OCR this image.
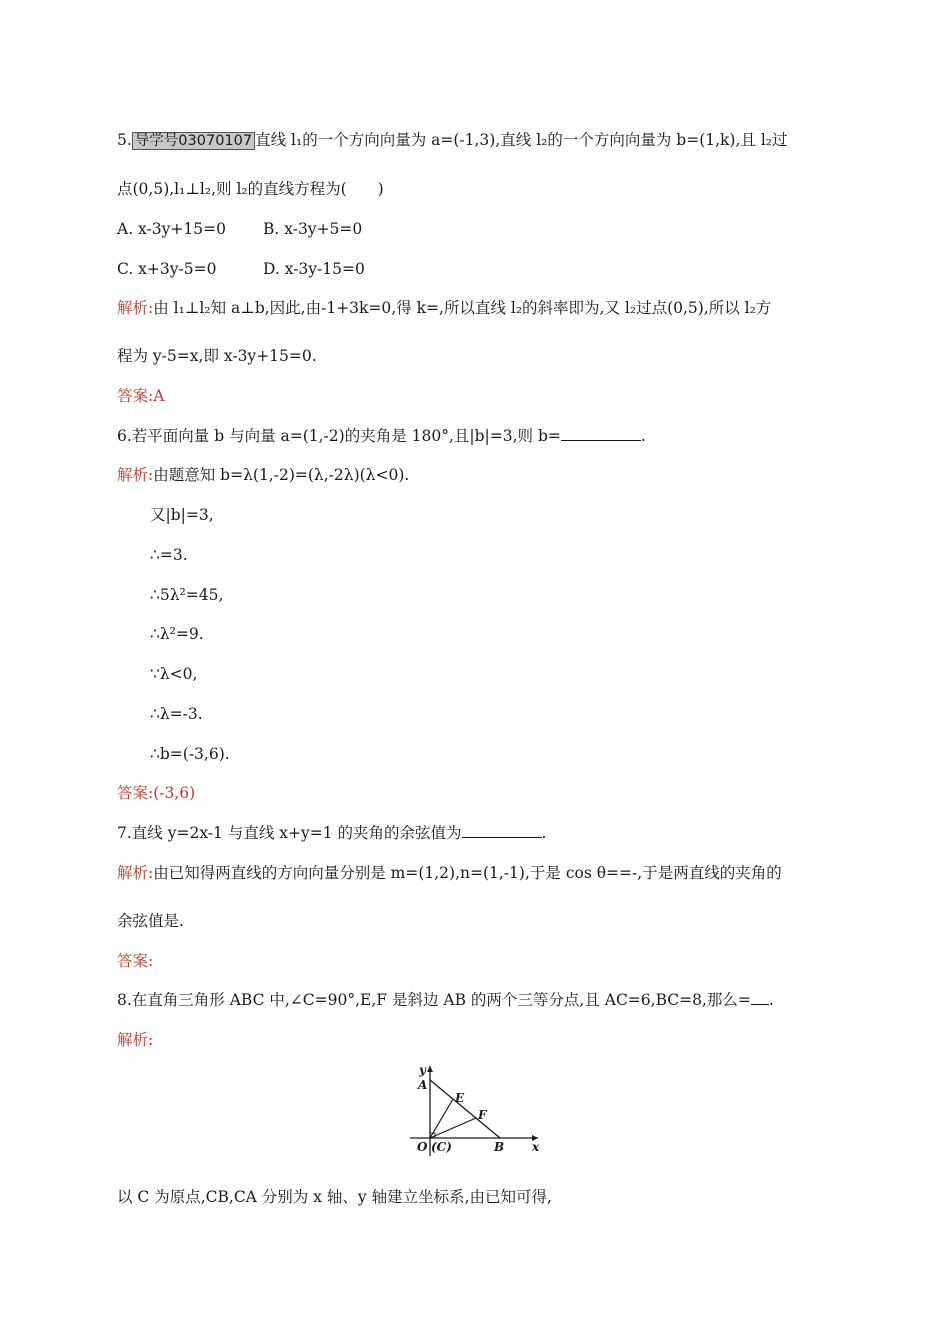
5. 导学号03070107 直线 l₁的一个方向向量为 a=(-1,3),直线 l₂的一个方向向量为 b=(1,k),且 l₂过
点(0,5),l₁⊥l₂,则 l₂的直线方程为(　　)
A. x-3y+15=0 B. x-3y+5=0
C. x+3y-5=0	D. x-3y-15=0
解析:由 l₁⊥l₂知 a⊥b,因此,由-1+3k=0,得 k=,所以直线 l₂的斜率即为,又 l₂过点(0,5),所以 l₂方
程为 y-5=x,即 x-3y+15=0.
答案:A
6.若平面向量 b 与向量 a=(1,-2)的夹角是 180°,且|b|=3,则 b=	.
解析:由题意知 b=λ(1,-2)=(λ,-2λ)(λ<0).
又|b|=3,
∴=3.
∴5λ²=45,
∴λ²=9.
∵λ<0,
∴λ=-3.
∴b=(-3,6).
答案:(-3,6)
7.直线 y=2x-1 与直线 x+y=1 的夹角的余弦值为	.
解析:由已知得两直线的方向向量分别是 m=(1,2),n=(1,-1),于是 cos θ==-,于是两直线的夹角的
余弦值是.
答案:
8.在直角三角形 ABC 中,∠C=90°,E,F 是斜边 AB 的两个三等分点,且 AC=6,BC=8,那么= .
解析:
y
x
A
E
F
O (C)	B
以 C 为原点,CB,CA 分别为 x 轴、y 轴建立坐标系,由已知可得,
